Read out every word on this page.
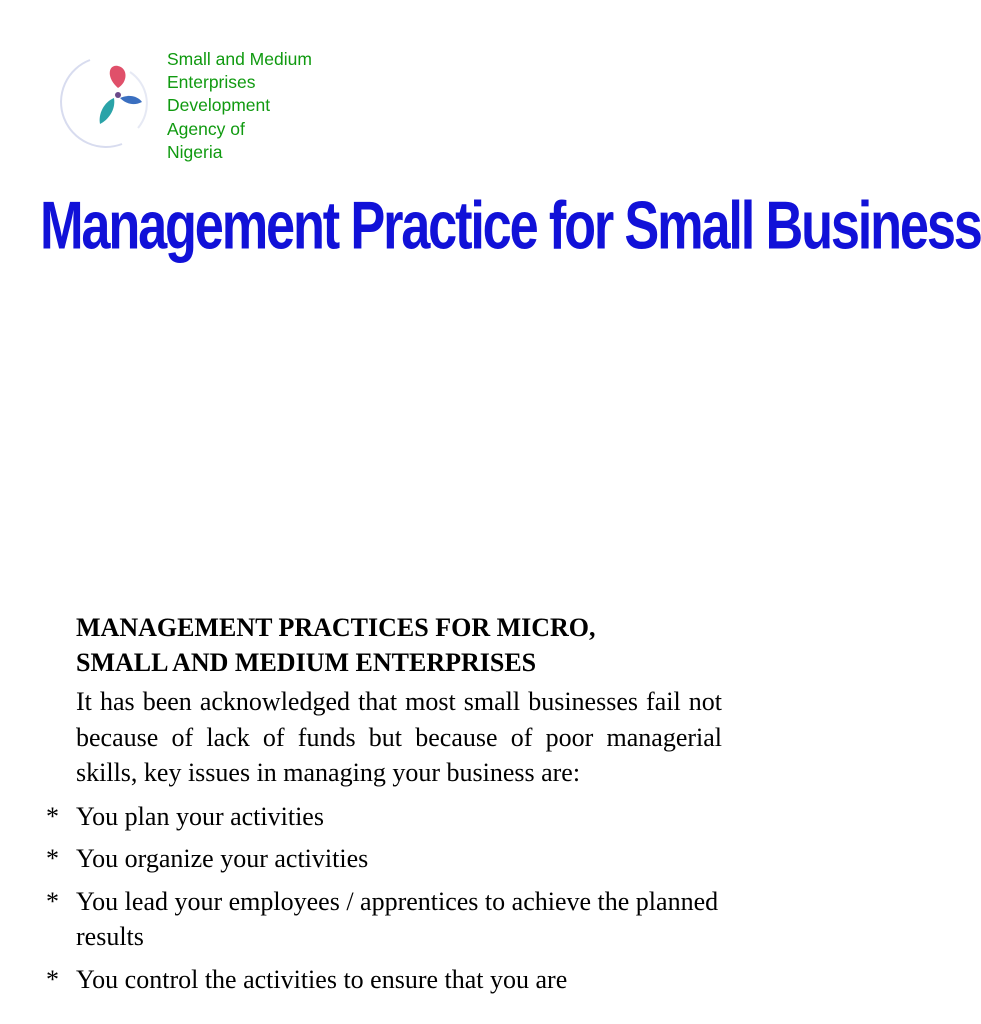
Small and Medium
Enterprises
Development
Agency of
Nigeria
Management Practice for Small Business
MANAGEMENT PRACTICES FOR MICRO,
SMALL AND MEDIUM ENTERPRISES

It has been acknowledged that most small businesses fail not because of lack of funds but because of poor managerial skills, key issues in managing your business are:

* You plan your activities
* You organize your activities
* You lead your employees / apprentices to achieve the planned results
* You control the activities to ensure that you are
